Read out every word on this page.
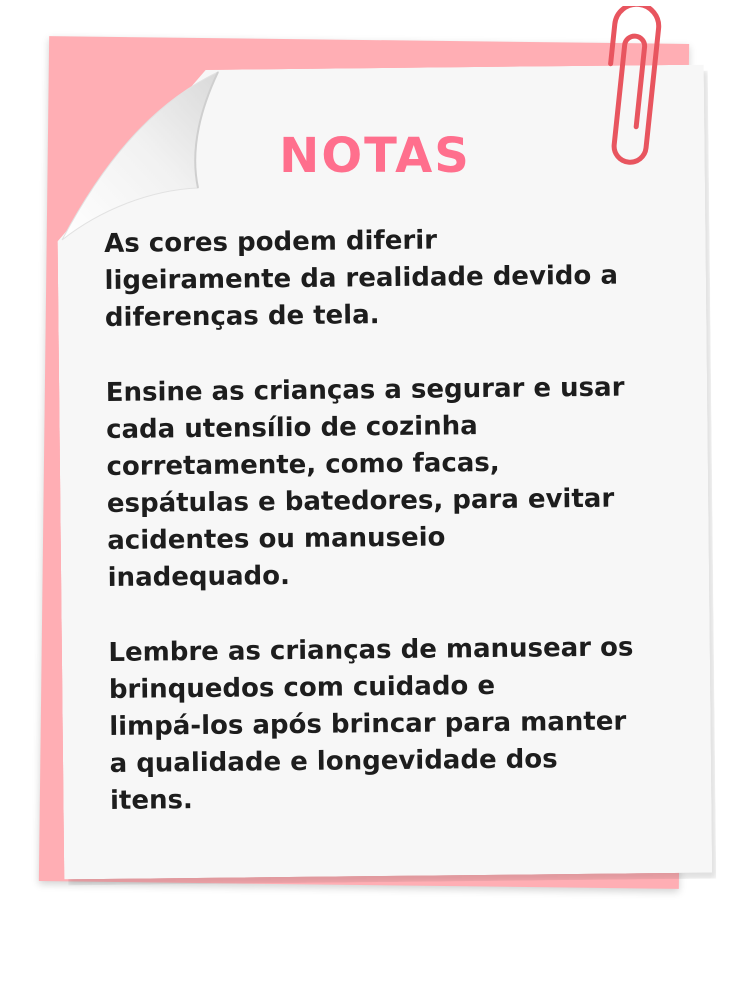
NOTAS

As cores podem diferir
ligeiramente da realidade devido a
diferenças de tela.

Ensine as crianças a segurar e usar
cada utensílio de cozinha
corretamente, como facas,
espátulas e batedores, para evitar
acidentes ou manuseio
inadequado.

Lembre as crianças de manusear os
brinquedos com cuidado e
limpá-los após brincar para manter
a qualidade e longevidade dos
itens.
